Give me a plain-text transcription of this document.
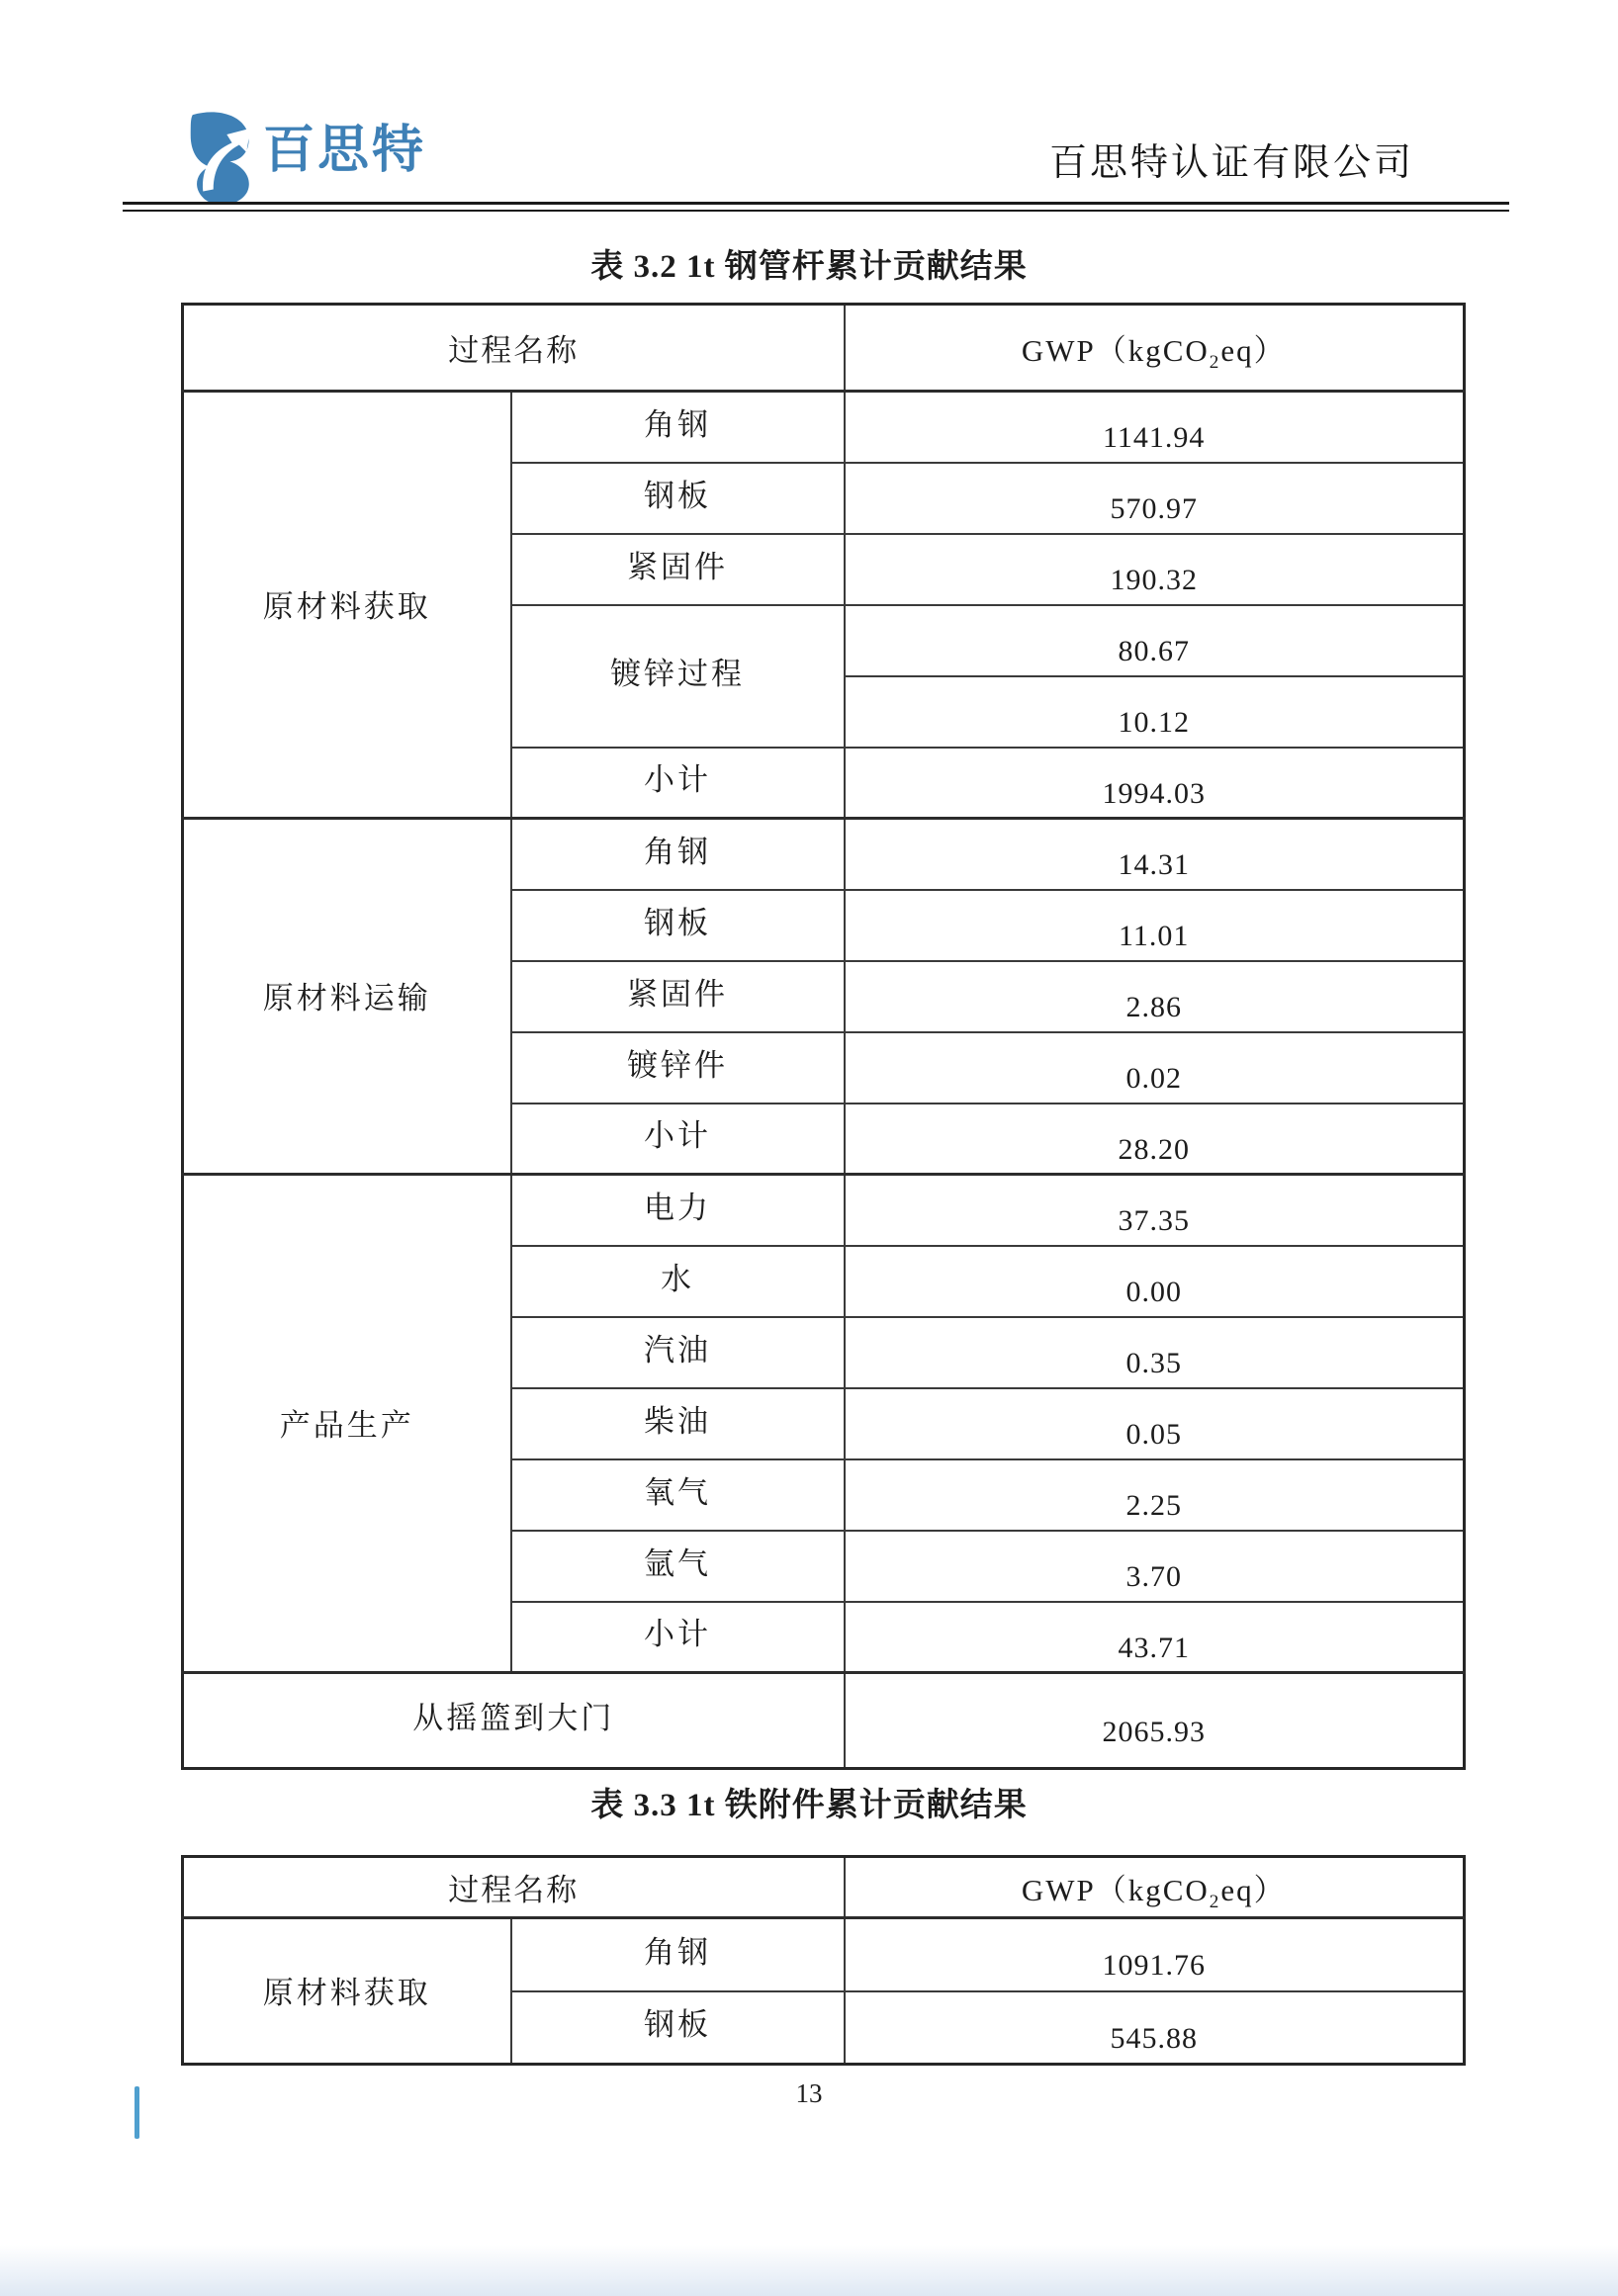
百思特	百思特认证有限公司
表 3.2 1t 钢管杆累计贡献结果
过程名称		GWP（kgCO$_2$eq）
原材料获取	角钢	1141.94
	钢板	570.97
	紧固件	190.32
	镀锌过程	80.67
		10.12
	小计	1994.03
原材料运输	角钢	14.31
	钢板	11.01
	紧固件	2.86
	镀锌件	0.02
	小计	28.20
产品生产	电力	37.35
	水	0.00
	汽油	0.35
	柴油	0.05
	氧气	2.25
	氩气	3.70
	小计	43.71
从摇篮到大门		2065.93
表 3.3 1t 铁附件累计贡献结果
过程名称		GWP（kgCO$_2$eq）
原材料获取	角钢	1091.76
	钢板	545.88
13
